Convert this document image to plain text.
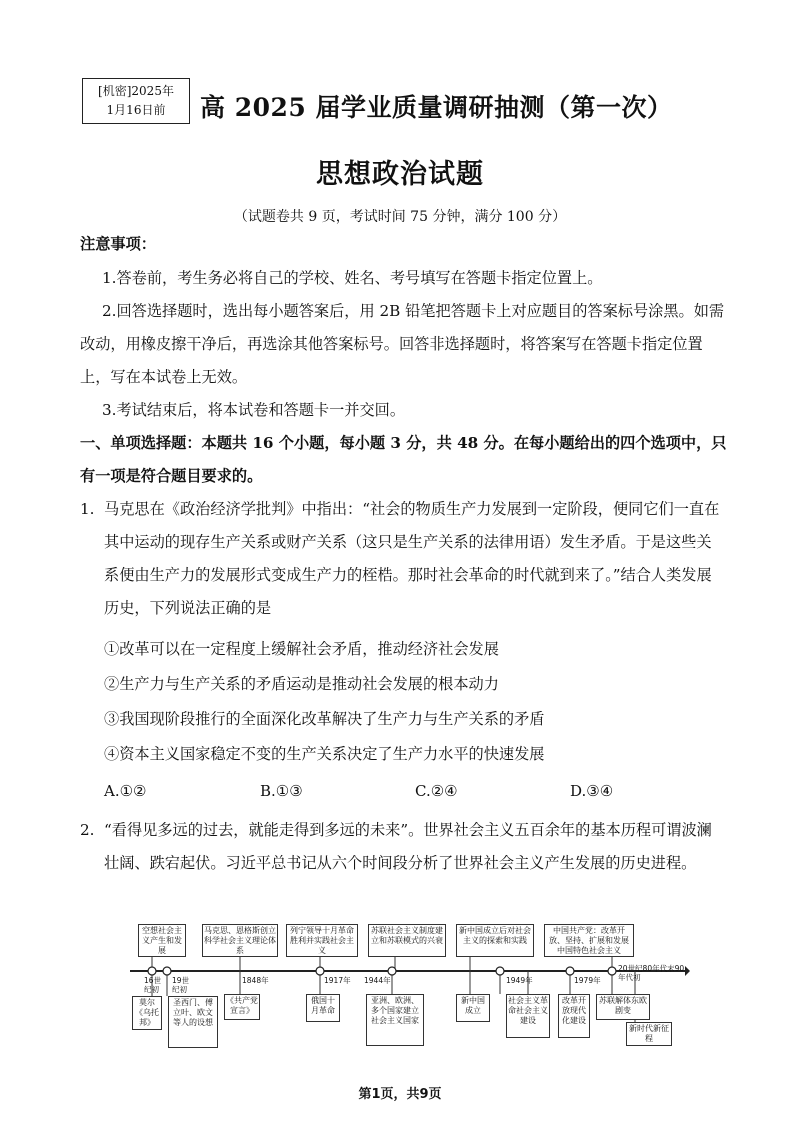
[机密]2025年
1月16日前	高 2025 届学业质量调研抽测（第一次）
思想政治试题
（试题卷共 9 页，考试时间 75 分钟，满分 100 分）
注意事项：
1.答卷前，考生务必将自己的学校、姓名、考号填写在答题卡指定位置上。
2.回答选择题时，选出每小题答案后，用 2B 铅笔把答题卡上对应题目的答案标号涂黑。如需改动，用橡皮擦干净后，再选涂其他答案标号。回答非选择题时，将答案写在答题卡指定位置上，写在本试卷上无效。
3.考试结束后，将本试卷和答题卡一并交回。
一、单项选择题：本题共 16 个小题，每小题 3 分，共 48 分。在每小题给出的四个选项中，只有一项是符合题目要求的。
1. 马克思在《政治经济学批判》中指出：“社会的物质生产力发展到一定阶段，便同它们一直在其中运动的现存生产关系或财产关系（这只是生产关系的法律用语）发生矛盾。于是这些关系便由生产力的发展形式变成生产力的桎梏。那时社会革命的时代就到来了。”结合人类发展历史，下列说法正确的是
①改革可以在一定程度上缓解社会矛盾，推动经济社会发展
②生产力与生产关系的矛盾运动是推动社会发展的根本动力
③我国现阶段推行的全面深化改革解决了生产力与生产关系的矛盾
④资本主义国家稳定不变的生产关系决定了生产力水平的快速发展
A.①②	B.①③	C.②④	D.③④
2. “看得见多远的过去，就能走得到多远的未来”。世界社会主义五百余年的基本历程可谓波澜壮阔、跌宕起伏。习近平总书记从六个时间段分析了世界社会主义产生发展的历史进程。
空想社会主义产生和发展
马克思、恩格斯创立科学社会主义理论体系
列宁领导十月革命胜利并实践社会主义
苏联社会主义制度建立和苏联模式的兴衰
新中国成立后对社会主义的探索和实践
中国共产党：改革开放、坚持、扩展和发展中国特色社会主义
16世纪初
19世纪初
1848年	1917年	1944年	1949年	1979年
20世纪80年代末90年代初
莫尔《乌托邦》
圣西门、傅立叶、欧文等人的设想
《共产党宣言》
俄国十月革命
亚洲、欧洲、多个国家建立社会主义国家
新中国成立
社会主义革命社会主义建设
改革开放现代化建设
苏联解体东欧剧变
新时代新征程
第1页，共9页
